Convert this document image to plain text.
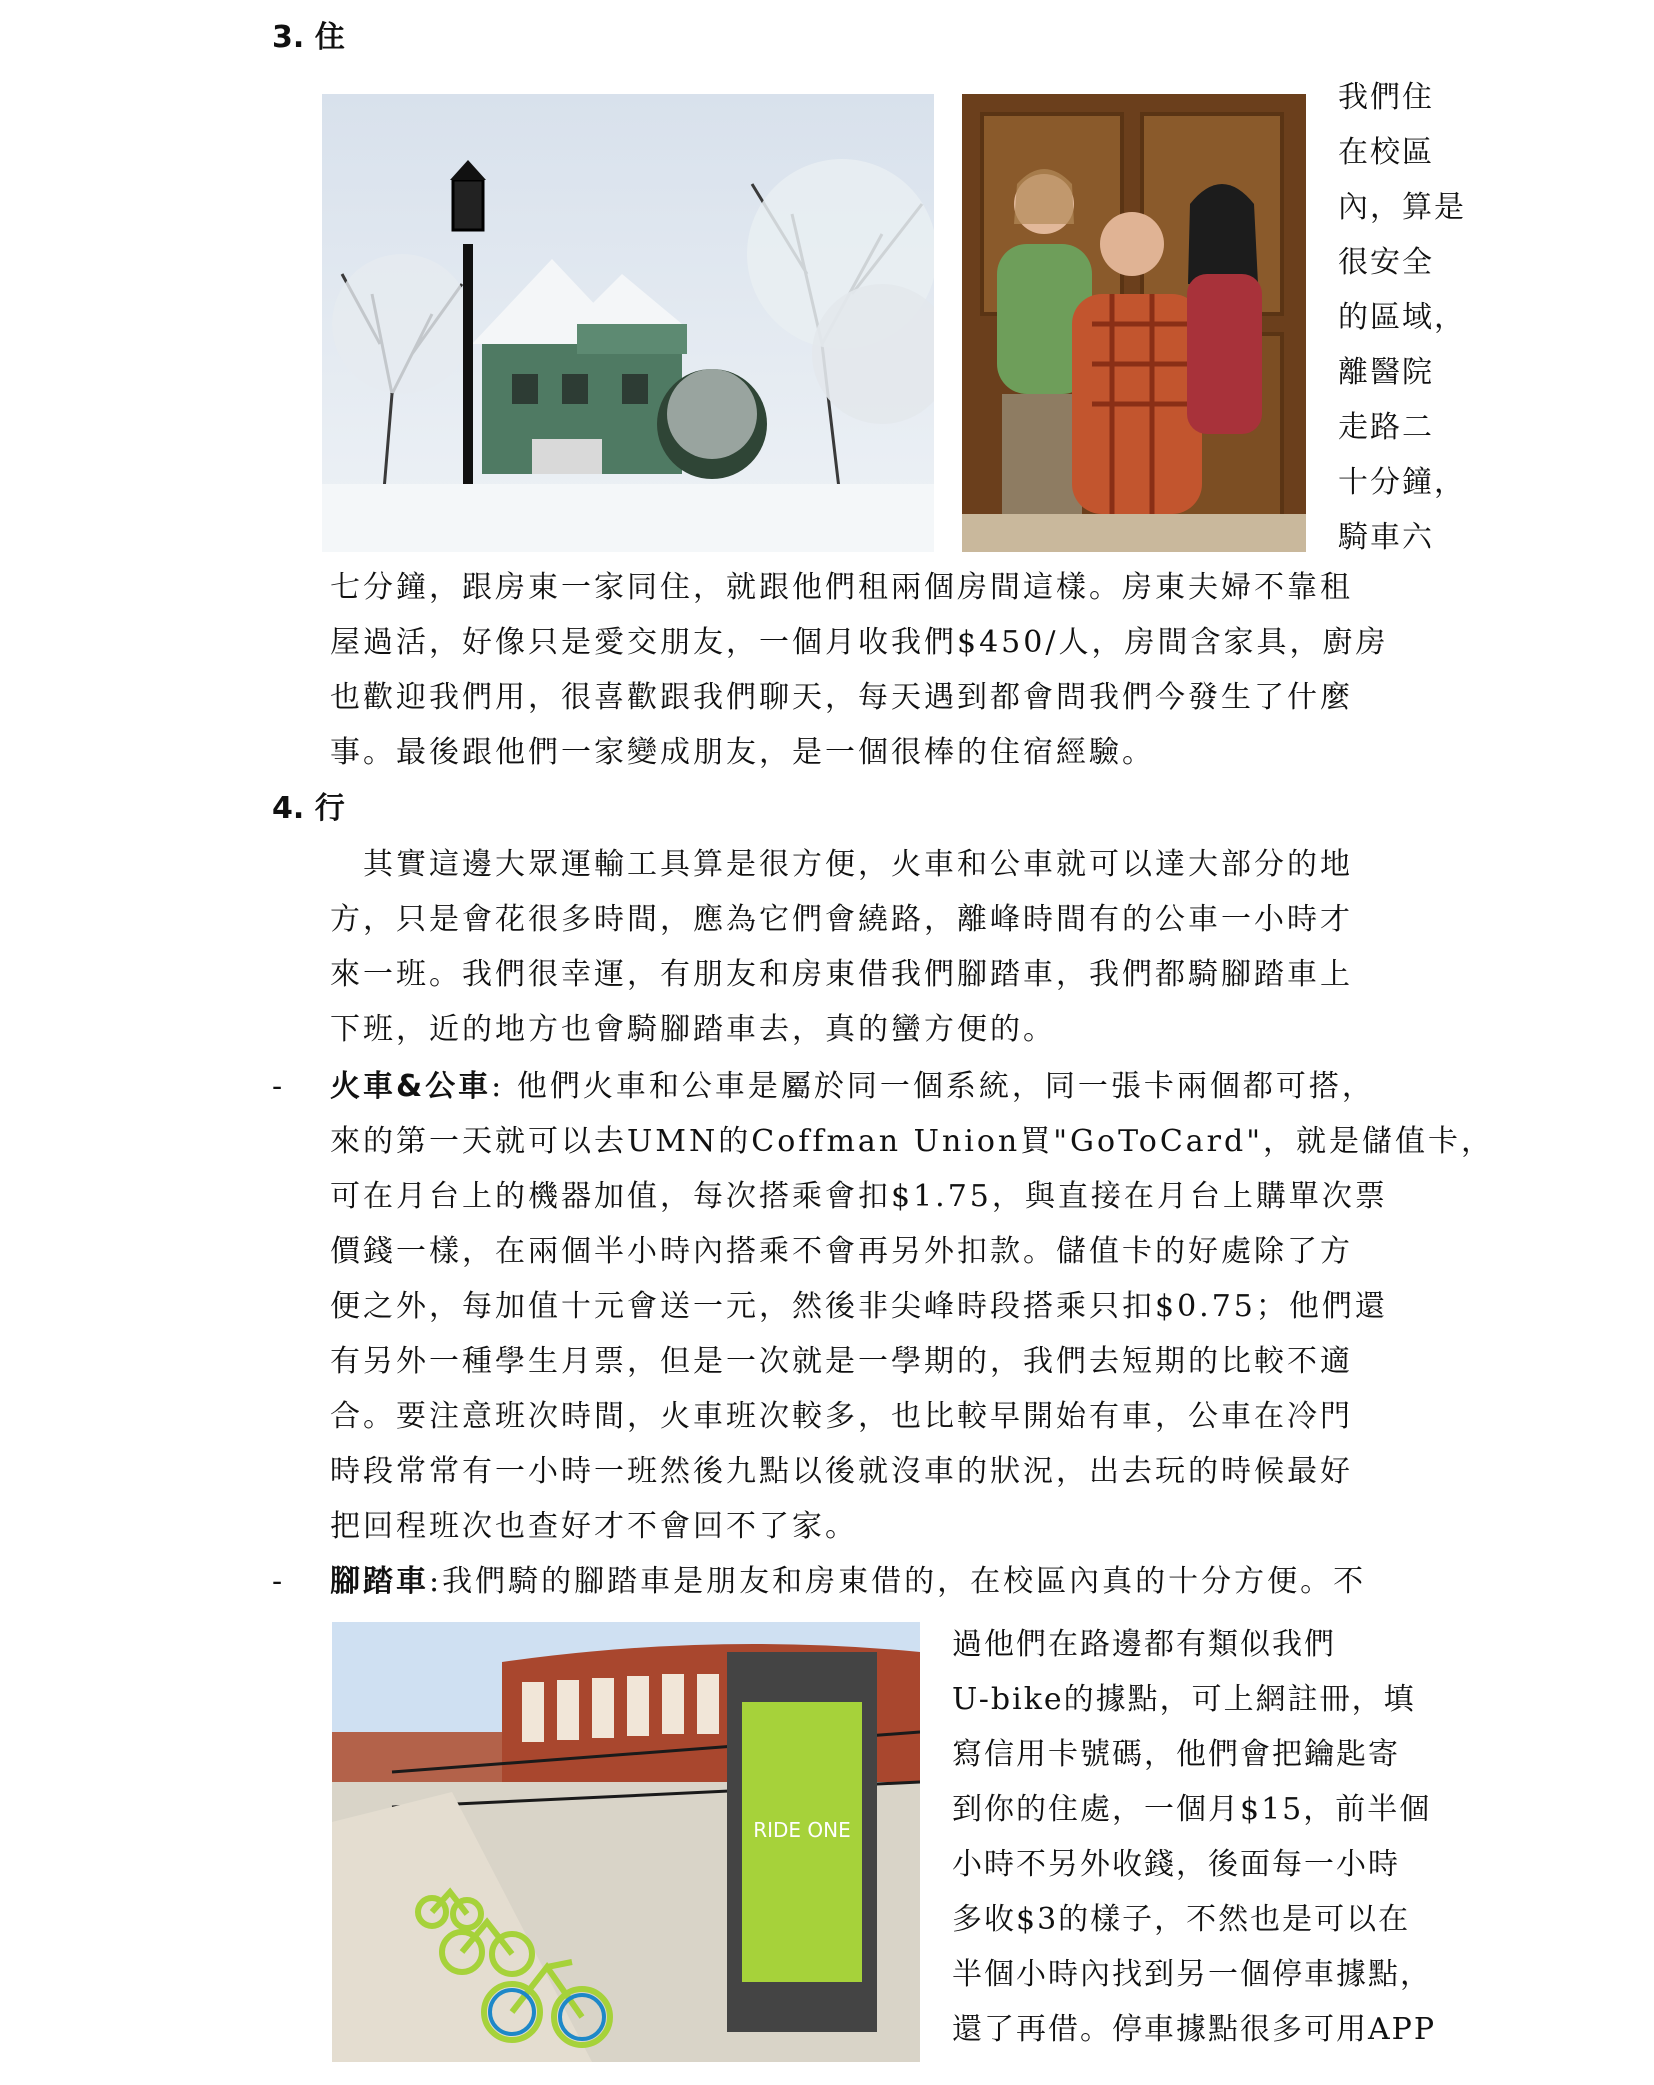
3. 住
我們住
在校區
內，算是
很安全
的區域，
離醫院
走路二
十分鐘，
騎車六
七分鐘，跟房東一家同住，就跟他們租兩個房間這樣。房東夫婦不靠租
屋過活，好像只是愛交朋友，一個月收我們$450/人，房間含家具，廚房
也歡迎我們用，很喜歡跟我們聊天，每天遇到都會問我們今發生了什麼
事。最後跟他們一家變成朋友，是一個很棒的住宿經驗。
4. 行
　其實這邊大眾運輸工具算是很方便，火車和公車就可以達大部分的地
方，只是會花很多時間，應為它們會繞路，離峰時間有的公車一小時才
來一班。我們很幸運，有朋友和房東借我們腳踏車，我們都騎腳踏車上
下班，近的地方也會騎腳踏車去，真的蠻方便的。
- 火車&公車: 他們火車和公車是屬於同一個系統，同一張卡兩個都可搭，
來的第一天就可以去UMN的Coffman Union買"GoToCard"，就是儲值卡，
可在月台上的機器加值，每次搭乘會扣$1.75，與直接在月台上購單次票
價錢一樣，在兩個半小時內搭乘不會再另外扣款。儲值卡的好處除了方
便之外，每加值十元會送一元，然後非尖峰時段搭乘只扣$0.75；他們還
有另外一種學生月票，但是一次就是一學期的，我們去短期的比較不適
合。要注意班次時間，火車班次較多，也比較早開始有車，公車在冷門
時段常常有一小時一班然後九點以後就沒車的狀況，出去玩的時候最好
把回程班次也查好才不會回不了家。
- 腳踏車:我們騎的腳踏車是朋友和房東借的，在校區內真的十分方便。不
RIDE ONE
過他們在路邊都有類似我們
U-bike的據點，可上網註冊，填
寫信用卡號碼，他們會把鑰匙寄
到你的住處，一個月$15，前半個
小時不另外收錢，後面每一小時
多收$3的樣子，不然也是可以在
半個小時內找到另一個停車據點，
還了再借。停車據點很多可用APP
